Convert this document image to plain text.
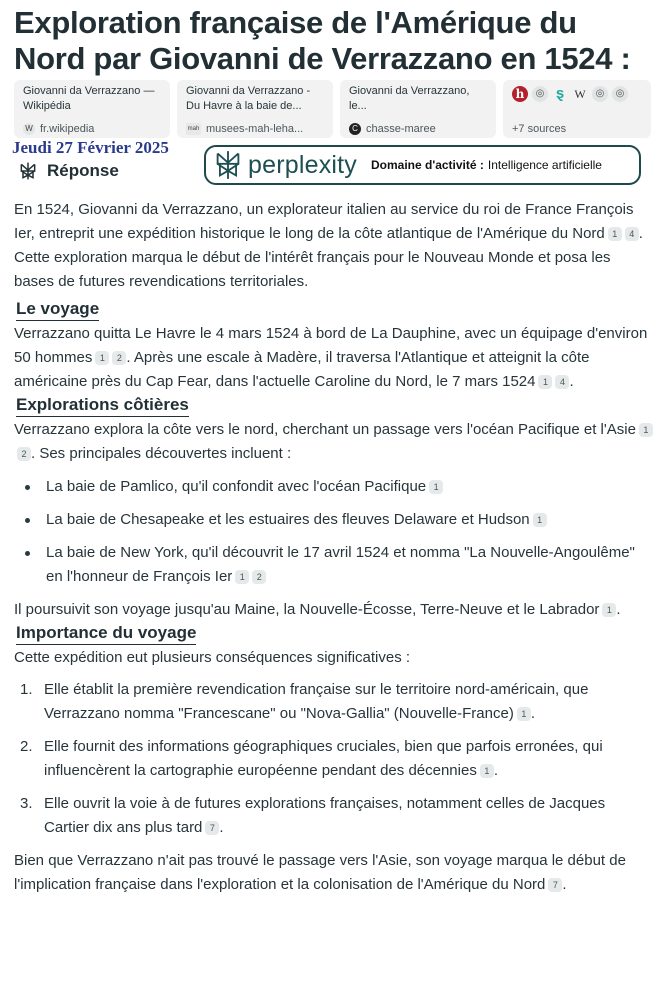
Exploration française de l'Amérique du Nord par Giovanni de Verrazzano en 1524 :
Giovanni da Verrazzano — Wikipédia
W fr.wikipedia
Giovanni da Verrazzano - Du Havre à la baie de...
mah musees-mah-leha...
Giovanni da Verrazzano, le...
C chasse-maree
h	◎ ȿ W ◎	◎
+7 sources
Jeudi 27 Février 2025
Réponse	perplexity Domaine d'activité : Intelligence artificielle

En 1524, Giovanni da Verrazzano, un explorateur italien au service du roi de France François Ier, entreprit une expédition historique le long de la côte atlantique de l'Amérique du Nord 1 4 . Cette exploration marqua le début de l'intérêt français pour le Nouveau Monde et posa les bases de futures revendications territoriales.

Le voyage

Verrazzano quitta Le Havre le 4 mars 1524 à bord de La Dauphine, avec un équipage d'environ 50 hommes 1 2 . Après une escale à Madère, il traversa l'Atlantique et atteignit la côte américaine près du Cap Fear, dans l'actuelle Caroline du Nord, le 7 mars 1524 1 4 .

Explorations côtières

Verrazzano explora la côte vers le nord, cherchant un passage vers l'océan Pacifique et l'Asie 12 . Ses principales découvertes incluent :

La baie de Pamlico, qu'il confondit avec l'océan Pacifique 1
La baie de Chesapeake et les estuaires des fleuves Delaware et Hudson 1
La baie de New York, qu'il découvrit le 17 avril 1524 et nomma "La Nouvelle-Angoulême" en l'honneur de François Ier 1 2

Il poursuivit son voyage jusqu'au Maine, la Nouvelle-Écosse, Terre-Neuve et le Labrador 1 .

Importance du voyage

Cette expédition eut plusieurs conséquences significatives :

1. Elle établit la première revendication française sur le territoire nord-américain, que Verrazzano nomma "Francescane" ou "Nova-Gallia" (Nouvelle-France) 1 .
2. Elle fournit des informations géographiques cruciales, bien que parfois erronées, qui influencèrent la cartographie européenne pendant des décennies 1 .
3. Elle ouvrit la voie à de futures explorations françaises, notamment celles de Jacques Cartier dix ans plus tard 7 .

Bien que Verrazzano n'ait pas trouvé le passage vers l'Asie, son voyage marqua le début de l'implication française dans l'exploration et la colonisation de l'Amérique du Nord 7 .
